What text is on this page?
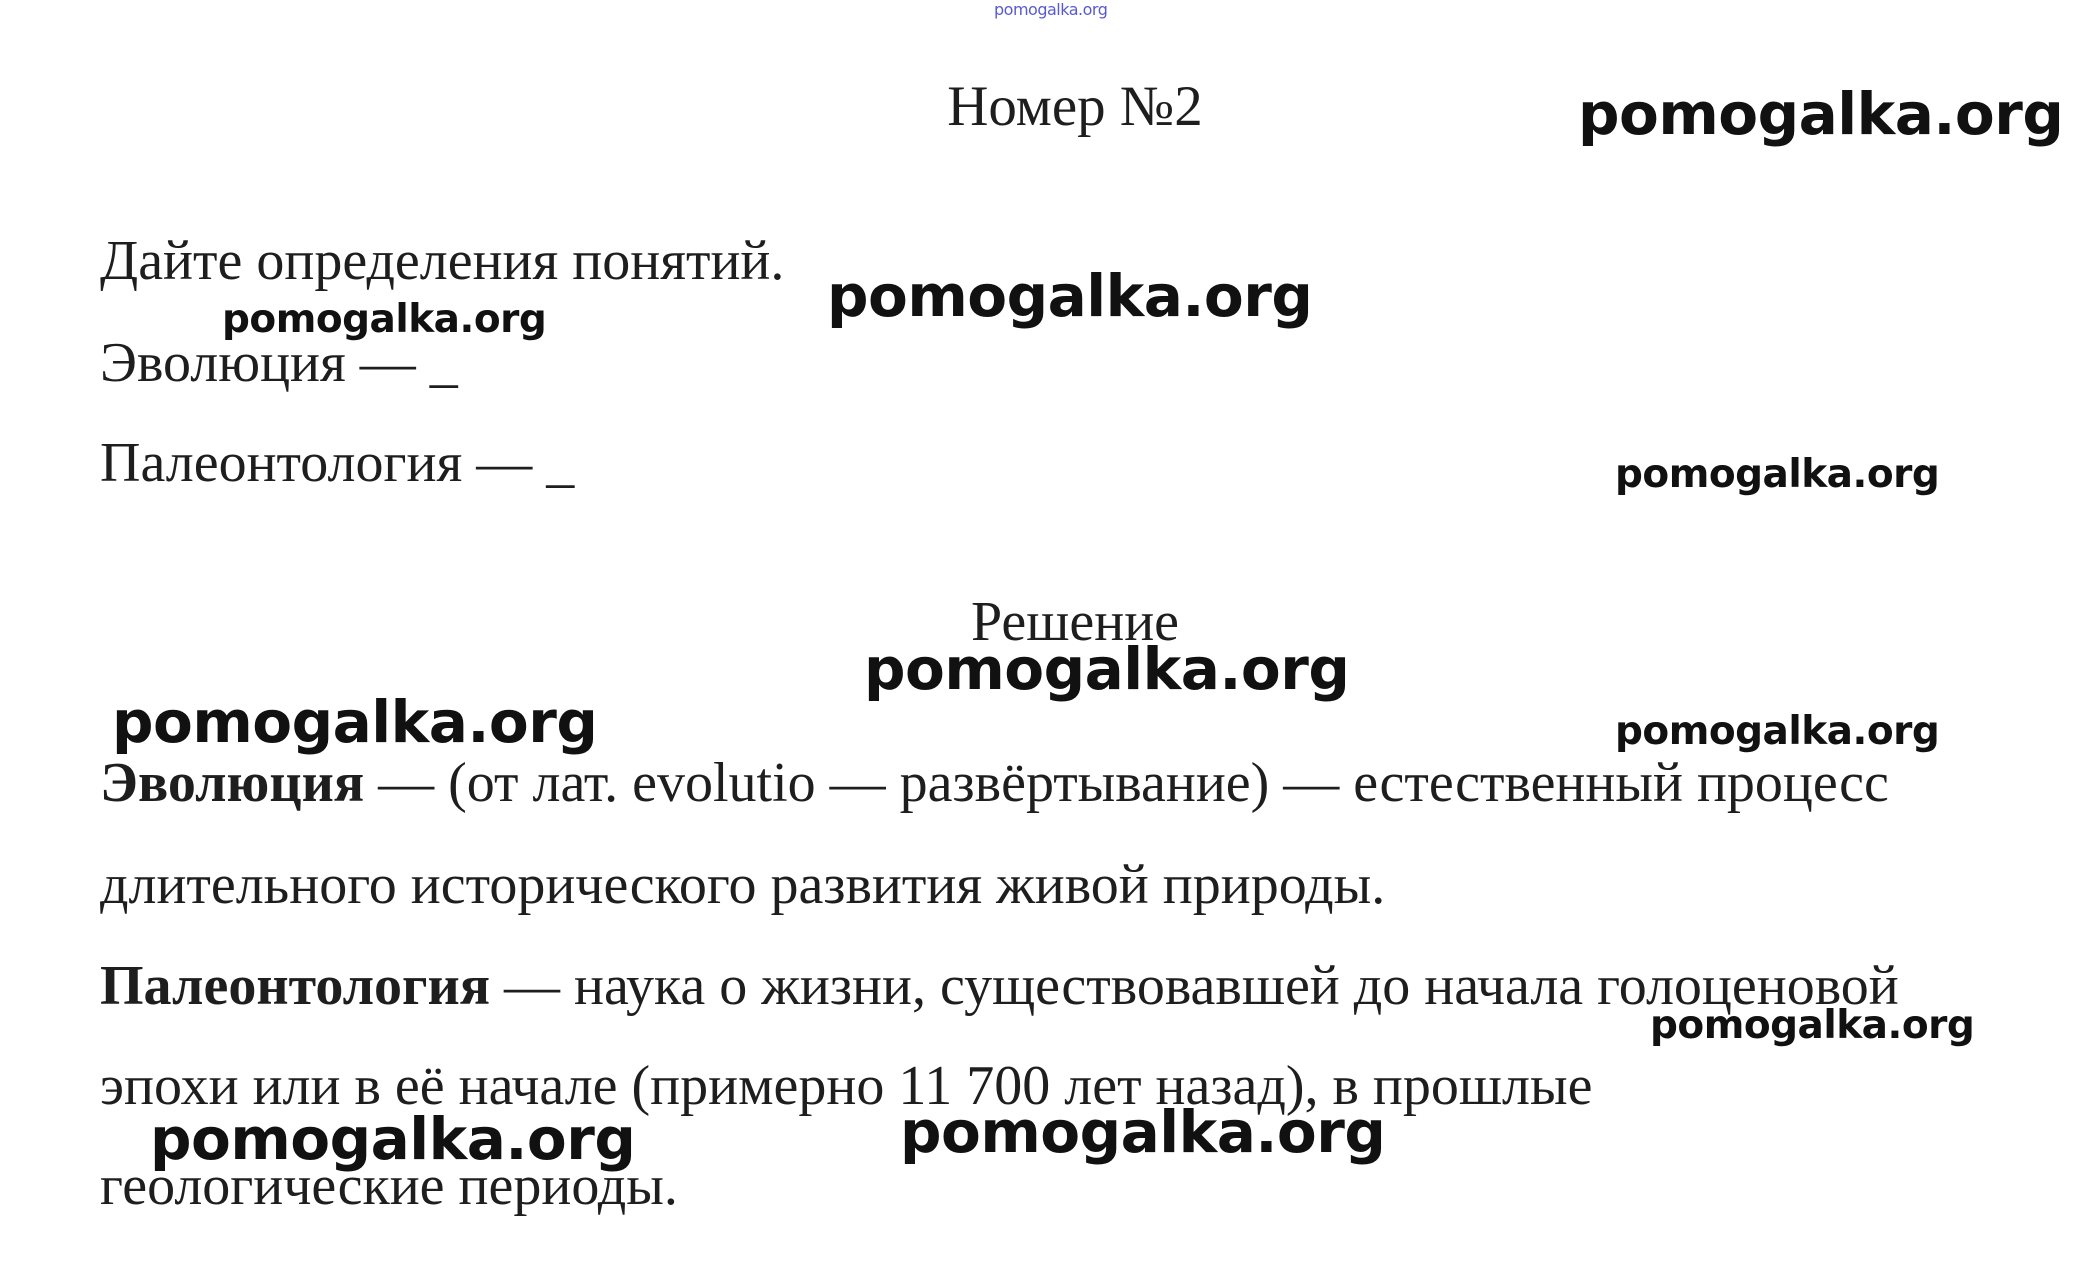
pomogalka.org
Номер №2
Дайте определения понятий.
Эволюция — _
Палеонтология — _
Решение
Эволюция — (от лат. evolutio — развёртывание) — естественный процесс
длительного исторического развития живой природы.
Палеонтология — наука о жизни, существовавшей до начала голоценовой
эпохи или в её начале (примерно 11 700 лет назад), в прошлые
геологические периоды.
pomogalka.org
pomogalka.org
pomogalka.org
pomogalka.org
pomogalka.org
pomogalka.org	pomogalka.org
pomogalka.org
pomogalka.org	pomogalka.org
